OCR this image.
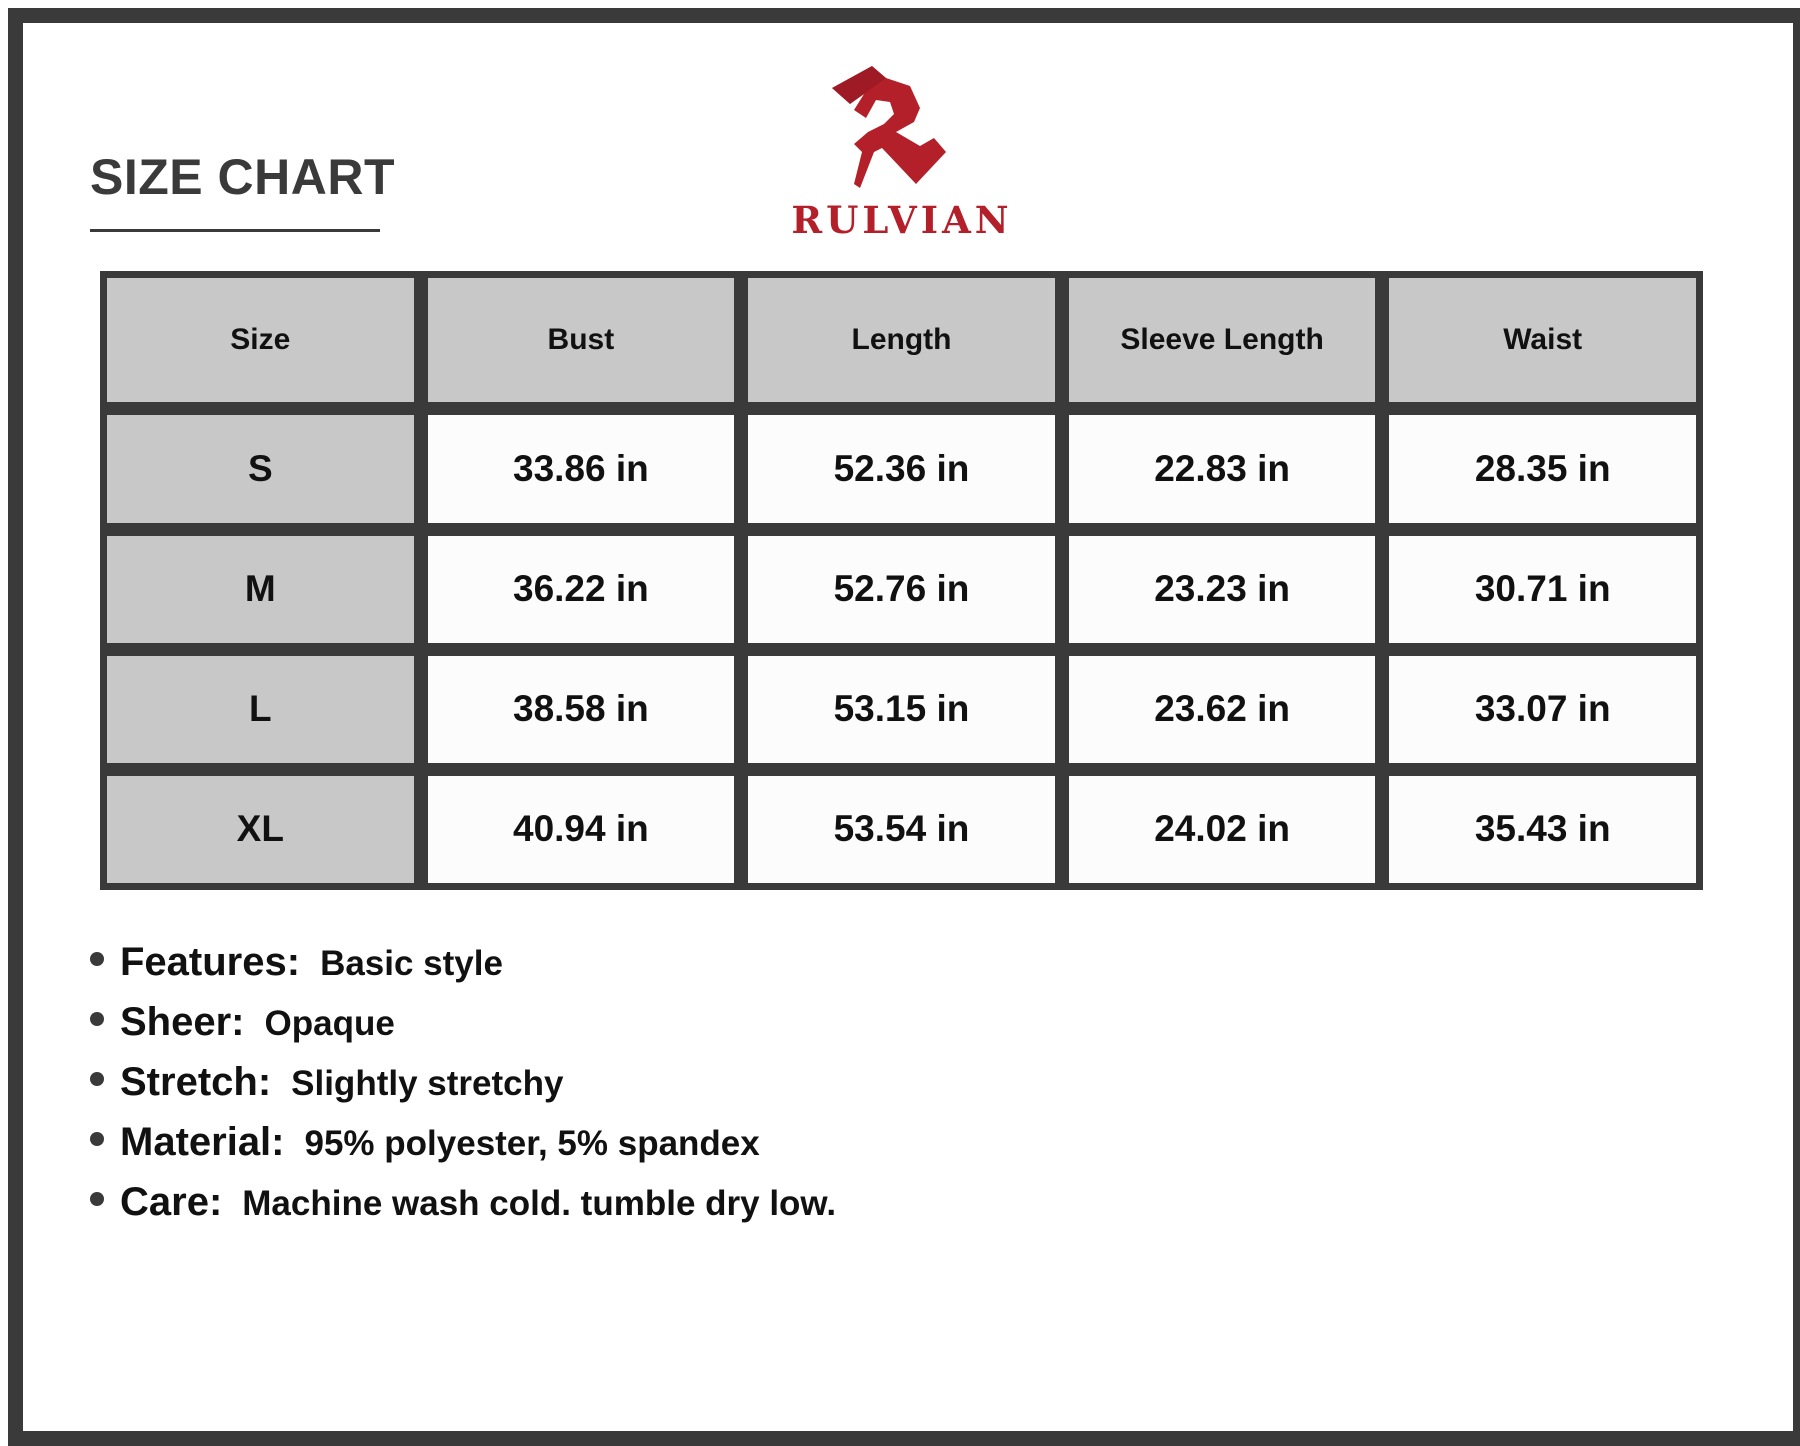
SIZE CHART
RULVIAN
Size	Bust	Length	Sleeve Length	Waist
S	33.86 in	52.36 in	22.83 in	28.35 in
M	36.22 in	52.76 in	23.23 in	30.71 in
L	38.58 in	53.15 in	23.62 in	33.07 in
XL	40.94 in	53.54 in	24.02 in	35.43 in
Features: Basic style
Sheer: Opaque
Stretch: Slightly stretchy
Material: 95% polyester, 5% spandex
Care: Machine wash cold. tumble dry low.
